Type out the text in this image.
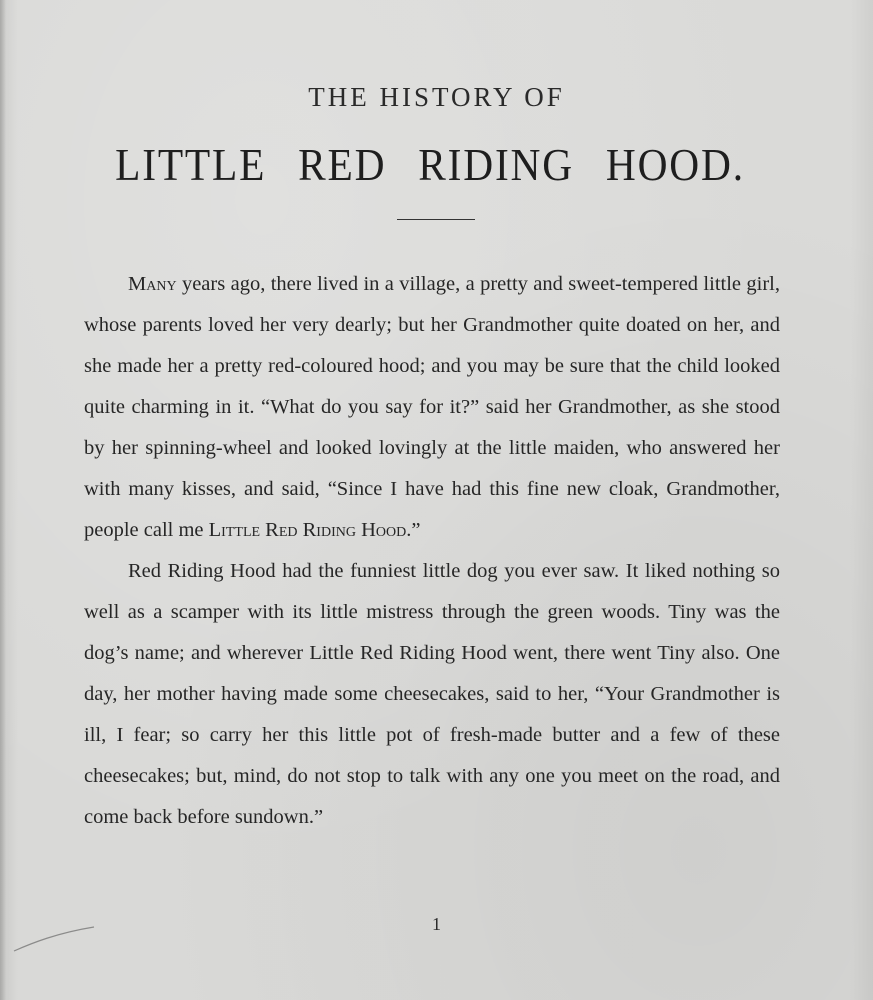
THE HISTORY OF
LITTLE RED RIDING HOOD.

Many years ago, there lived in a village, a pretty and sweet-tempered little girl, whose parents loved her very dearly; but her Grandmother quite doated on her, and she made her a pretty red-coloured hood; and you may be sure that the child looked quite charming in it. “What do you say for it?” said her Grandmother, as she stood by her spinning-wheel and looked lovingly at the little maiden, who answered her with many kisses, and said, “Since I have had this fine new cloak, Grandmother, people call me Little Red Riding Hood.”

Red Riding Hood had the funniest little dog you ever saw. It liked nothing so well as a scamper with its little mistress through the green woods. Tiny was the dog’s name; and wherever Little Red Riding Hood went, there went Tiny also. One day, her mother having made some cheesecakes, said to her, “Your Grandmother is ill, I fear; so carry her this little pot of fresh-made butter and a few of these cheesecakes; but, mind, do not stop to talk with any one you meet on the road, and come back before sundown.”

1
